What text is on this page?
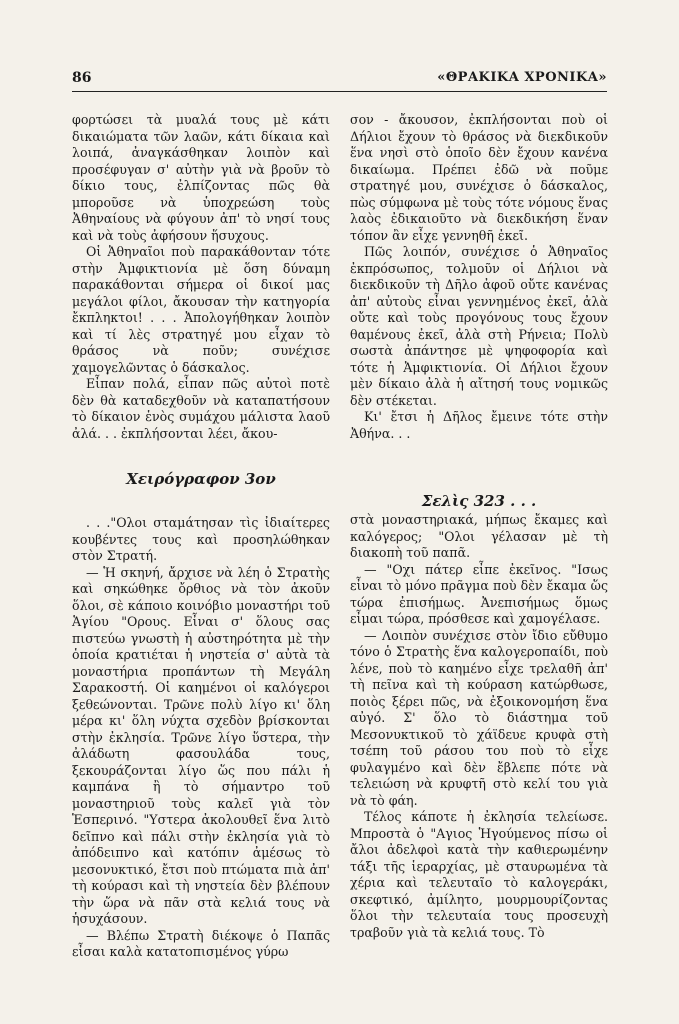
86	«ΘΡΑΚΙΚΑ ΧΡΟΝΙΚΑ»

φορτώσει τὰ μυαλά τους μὲ κάτι δικαιώματα τῶν λαῶν, κάτι δίκαια καὶ λοιπά, ἀναγκάσθηκαν λοιπὸν καὶ προσέφυγαν σ' αὐτὴν γιὰ νὰ βροῦν τὸ δίκιο τους, ἐλπίζοντας πῶς θὰ μποροῦσε νὰ ὑποχρεώση τοὺς Ἀθηναίους νὰ φύγουν ἀπ' τὸ νησί τους καὶ νὰ τοὺς ἀφήσουν ἥσυχους.

Οἱ Ἀθηναῖοι ποὺ παρακάθονταν τότε στὴν Ἀμφικτιονία μὲ ὅση δύναμη παρακάθονται σήμερα οἱ δικοί μας μεγάλοι φίλοι, ἄκουσαν τὴν κατηγορία ἔκπληκτοι! . . . Ἀπολογήθηκαν λοιπὸν καὶ τί λὲς στρατηγέ μου εἶχαν τὸ θράσος νὰ ποῦν; συνέχισε χαμογελῶντας ὁ δάσκαλος.

Εἶπαν πολά, εἶπαν πῶς αὐτοὶ ποτὲ δὲν θὰ καταδεχθοῦν νὰ καταπατήσουν τὸ δίκαιον ἑνὸς συμάχου μάλιστα λαοῦ ἀλά. . . ἐκπλήσονται λέει, ἄκου-

σον - ἄκουσον, ἐκπλήσονται ποὺ οἱ Δήλιοι ἔχουν τὸ θράσος νὰ διεκδικοῦν ἕνα νησὶ στὸ ὁποῖο δὲν ἔχουν κανένα δικαίωμα. Πρέπει ἐδῶ νὰ ποῦμε στρατηγέ μου, συνέχισε ὁ δάσκαλος, πὼς σύμφωνα μὲ τοὺς τότε νόμους ἕνας λαὸς ἐδικαιοῦτο νὰ διεκδικήση ἕναν τόπον ἂν εἶχε γεννηθῆ ἐκεῖ.

Πῶς λοιπόν, συνέχισε ὁ Ἀθηναῖος ἐκπρόσωπος, τολμοῦν οἱ Δήλιοι νὰ διεκδικοῦν τὴ Δῆλο ἀφοῦ οὔτε κανένας ἀπ' αὐτοὺς εἶναι γεννημένος ἐκεῖ, ἀλὰ οὔτε καὶ τοὺς προγόνους τους ἔχουν θαμένους ἐκεῖ, ἀλὰ στὴ Ρήνεια; Πολὺ σωστὰ ἀπάντησε μὲ ψηφοφορία καὶ τότε ἡ Ἀμφικτιονία. Οἱ Δήλιοι ἔχουν μὲν δίκαιο ἀλὰ ἡ αἴτησή τους νομικῶς δὲν στέκεται.

Κι' ἔτσι ἡ Δῆλος ἔμεινε τότε στὴν Ἀθήνα. . .

Χειρόγραφον 3ον
Σελὶς 323 . . .

. . ."Ολοι σταμάτησαν τὶς ἰδιαίτερες κουβέντες τους καὶ προσηλώθηκαν στὸν Στρατή.

— Ἡ σκηνή, ἄρχισε νὰ λέη ὁ Στρατὴς καὶ σηκώθηκε ὄρθιος νὰ τὸν ἀκοῦν ὅλοι, σὲ κάποιο κοινόβιο μοναστήρι τοῦ Ἁγίου "Ορους. Εἶναι σ' ὅλους σας πιστεύω γνωστὴ ἡ αὐστηρότητα μὲ τὴν ὁποία κρατιέται ἡ νηστεία σ' αὐτὰ τὰ μοναστήρια προπάντων τὴ Μεγάλη Σαρακοστή. Οἱ καημένοι οἱ καλόγεροι ξεθεώνονται. Τρῶνε πολὺ λίγο κι' ὅλη μέρα κι' ὅλη νύχτα σχεδὸν βρίσκονται στὴν ἐκλησία. Τρῶνε λίγο ὕστερα, τὴν ἀλάδωτη φασουλάδα τους, ξεκουράζονται λίγο ὥς που πάλι ἡ καμπάνα ἢ τὸ σήμαντρο τοῦ μοναστηριοῦ τοὺς καλεῖ γιὰ τὸν Ἑσπερινό. "Υστερα ἀκολουθεῖ ἕνα λιτὸ δεῖπνο καὶ πάλι στὴν ἐκλησία γιὰ τὸ ἀπόδειπνο καὶ κατόπιν ἀμέσως τὸ μεσονυκτικό, ἔτσι ποὺ πτώματα πιὰ ἀπ' τὴ κούρασι καὶ τὴ νηστεία δὲν βλέπουν τὴν ὥρα νὰ πᾶν στὰ κελιά τους νὰ ἡσυχάσουν.

— Βλέπω Στρατὴ διέκοψε ὁ Παπᾶς εἶσαι καλὰ κατατοπισμένος γύρω

στὰ μοναστηριακά, μήπως ἔκαμες καὶ καλόγερος; "Ολοι γέλασαν μὲ τὴ διακοπὴ τοῦ παπᾶ.

— "Οχι πάτερ εἶπε ἐκεῖνος. "Ισως εἶναι τὸ μόνο πρᾶγμα ποὺ δὲν ἔκαμα ὥς τώρα ἐπισήμως. Ἀνεπισήμως ὅμως εἶμαι τώρα, πρόσθεσε καὶ χαμογέλασε.

— Λοιπὸν συνέχισε στὸν ἴδιο εὔθυμο τόνο ὁ Στρατὴς ἕνα καλογεροπαίδι, ποὺ λένε, ποὺ τὸ καημένο εἶχε τρελαθῆ ἀπ' τὴ πεῖνα καὶ τὴ κούραση κατώρθωσε, ποιὸς ξέρει πῶς, νὰ ἐξοικονομήση ἕνα αὐγό. Σ' ὅλο τὸ διάστημα τοῦ Μεσονυκτικοῦ τὸ χάϊδευε κρυφὰ στὴ τσέπη τοῦ ράσου του ποὺ τὸ εἶχε φυλαγμένο καὶ δὲν ἔβλεπε πότε νὰ τελειώση νὰ κρυφτῆ στὸ κελί του γιὰ νὰ τὸ φάη.

Τέλος κάποτε ἡ ἐκλησία τελείωσε. Μπροστὰ ὁ "Αγιος Ἡγούμενος πίσω οἱ ἄλοι ἀδελφοὶ κατὰ τὴν καθιερωμένην τάξι τῆς ἱεραρχίας, μὲ σταυρωμένα τὰ χέρια καὶ τελευταῖο τὸ καλογεράκι, σκεφτικό, ἀμίλητο, μουρμουρίζοντας ὅλοι τὴν τελευταία τους προσευχὴ τραβοῦν γιὰ τὰ κελιά τους. Τὸ
